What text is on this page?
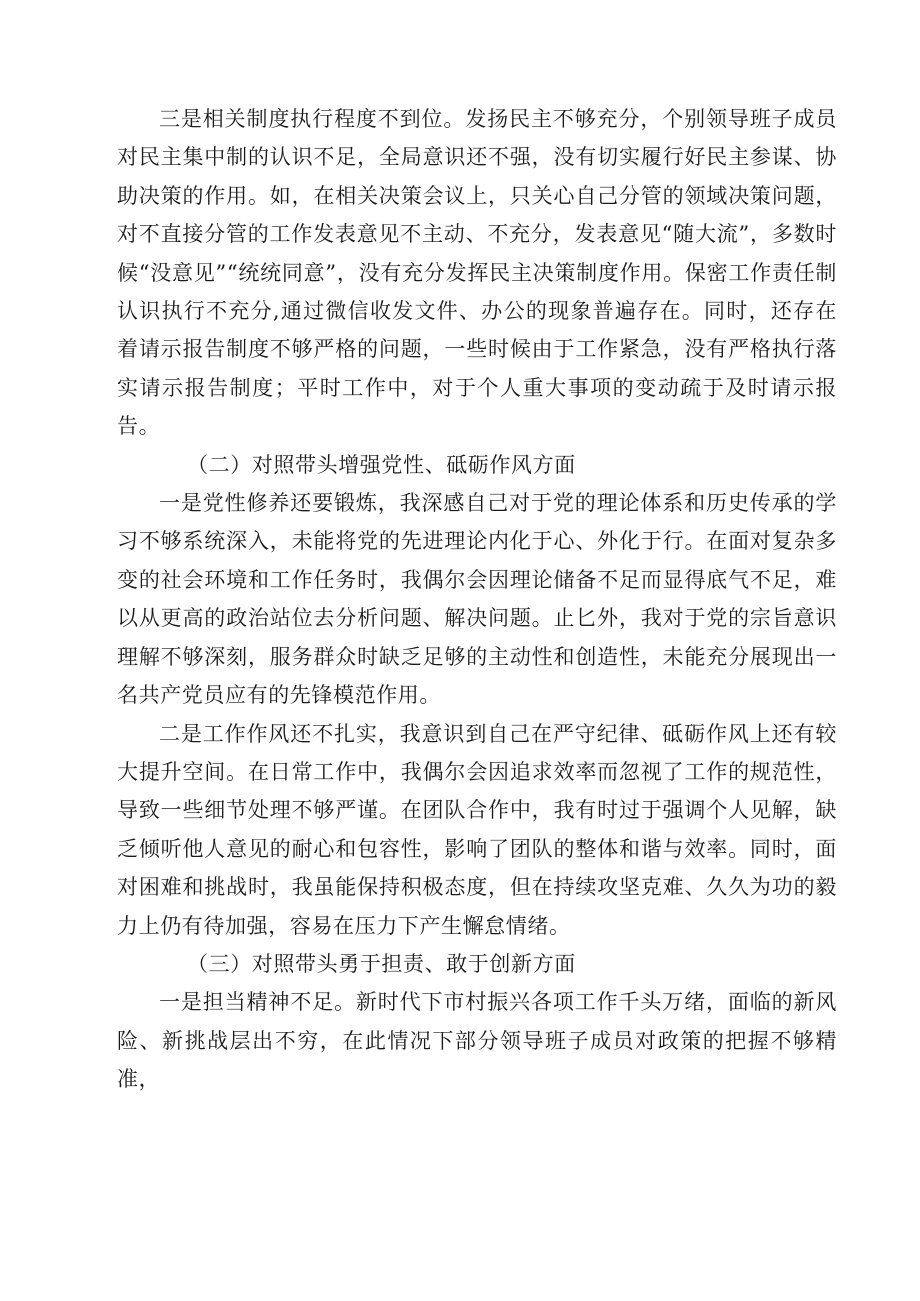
三是相关制度执行程度不到位。发扬民主不够充分，个别领导班子成员对民主集中制的认识不足，全局意识还不强，没有切实履行好民主参谋、协助决策的作用。如，在相关决策会议上，只关心自己分管的领域决策问题，对不直接分管的工作发表意见不主动、不充分，发表意见“随大流”，多数时候“没意见”“统统同意”，没有充分发挥民主决策制度作用。保密工作责任制认识执行不充分,通过微信收发文件、办公的现象普遍存在。同时，还存在着请示报告制度不够严格的问题，一些时候由于工作紧急，没有严格执行落实请示报告制度；平时工作中，对于个人重大事项的变动疏于及时请示报告。

（二）对照带头增强党性、砥砺作风方面

一是党性修养还要锻炼，我深感自己对于党的理论体系和历史传承的学习不够系统深入，未能将党的先进理论内化于心、外化于行。在面对复杂多变的社会环境和工作任务时，我偶尔会因理论储备不足而显得底气不足，难以从更高的政治站位去分析问题、解决问题。止匕外，我对于党的宗旨意识理解不够深刻，服务群众时缺乏足够的主动性和创造性，未能充分展现出一名共产党员应有的先锋模范作用。

二是工作作风还不扎实，我意识到自己在严守纪律、砥砺作风上还有较大提升空间。在日常工作中，我偶尔会因追求效率而忽视了工作的规范性，导致一些细节处理不够严谨。在团队合作中，我有时过于强调个人见解，缺乏倾听他人意见的耐心和包容性，影响了团队的整体和谐与效率。同时，面对困难和挑战时，我虽能保持积极态度，但在持续攻坚克难、久久为功的毅力上仍有待加强，容易在压力下产生懈怠情绪。

（三）对照带头勇于担责、敢于创新方面

一是担当精神不足。新时代下市村振兴各项工作千头万绪，面临的新风险、新挑战层出不穷，在此情况下部分领导班子成员对政策的把握不够精准，
